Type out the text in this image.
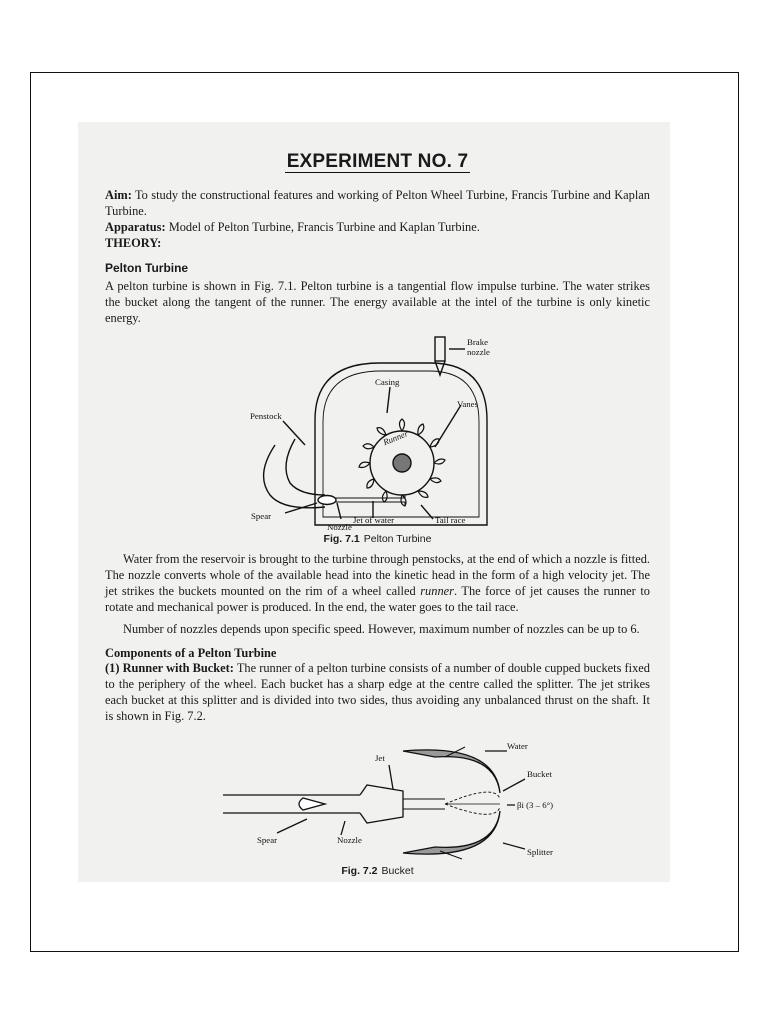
EXPERIMENT NO. 7

Aim: To study the constructional features and working of Pelton Wheel Turbine, Francis Turbine and Kaplan Turbine.

Apparatus: Model of Pelton Turbine, Francis Turbine and Kaplan Turbine.

THEORY:

Pelton Turbine

A pelton turbine is shown in Fig. 7.1. Pelton turbine is a tangential flow impulse turbine. The water strikes the bucket along the tangent of the runner. The energy available at the intel of the turbine is only kinetic energy.

Brake
nozzle
Casing
Penstock
Runner
Vanes
Spear	Jet of water	Tail race
Nozzle
Fig. 7.1 Pelton Turbine

Water from the reservoir is brought to the turbine through penstocks, at the end of which a nozzle is fitted. The nozzle converts whole of the available head into the kinetic head in the form of a high velocity jet. The jet strikes the buckets mounted on the rim of a wheel called runner. The force of jet causes the runner to rotate and mechanical power is produced. In the end, the water goes to the tail race.

Number of nozzles depends upon specific speed. However, maximum number of nozzles can be up to 6.

Components of a Pelton Turbine

(1) Runner with Bucket: The runner of a pelton turbine consists of a number of double cupped buckets fixed to the periphery of the wheel. Each bucket has a sharp edge at the centre called the splitter. The jet strikes each bucket at this splitter and is divided into two sides, thus avoiding any unbalanced thrust on the shaft. It is shown in Fig. 7.2.

Water
Jet
Bucket
βi (3 – 6°)
Spear	Nozzle
Splitter
Fig. 7.2 Bucket
